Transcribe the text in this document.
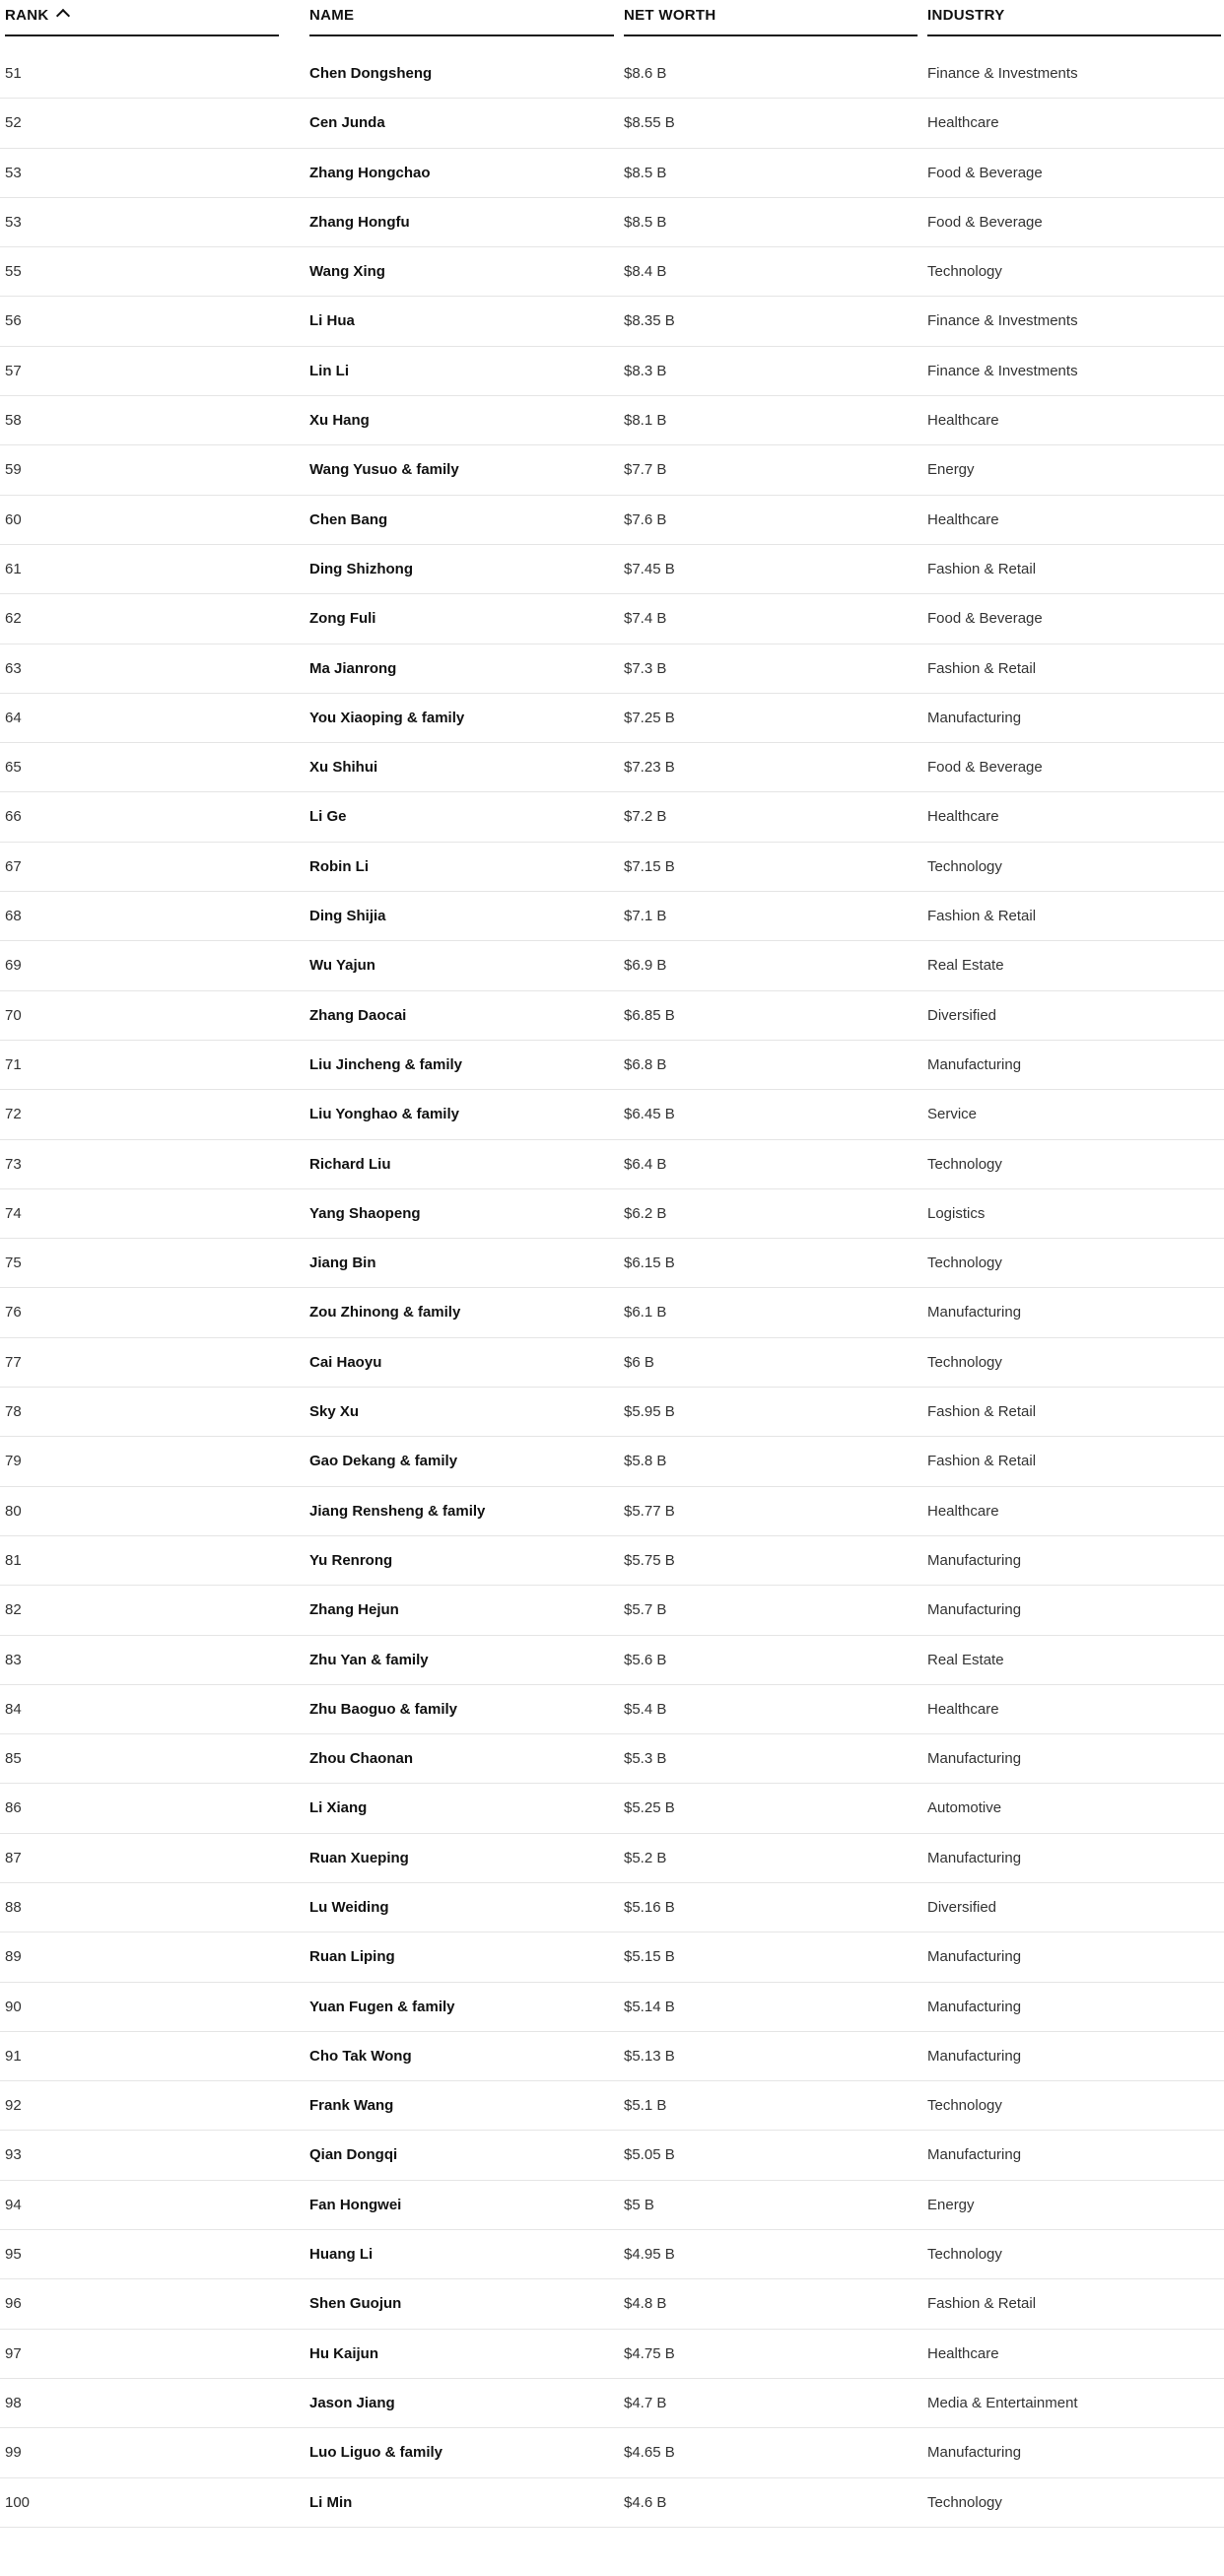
RANK	NAME	NET WORTH	INDUSTRY
51	Chen Dongsheng	$8.6 B	Finance & Investments
52	Cen Junda	$8.55 B	Healthcare
53	Zhang Hongchao	$8.5 B	Food & Beverage
53	Zhang Hongfu	$8.5 B	Food & Beverage
55	Wang Xing	$8.4 B	Technology
56	Li Hua	$8.35 B	Finance & Investments
57	Lin Li	$8.3 B	Finance & Investments
58	Xu Hang	$8.1 B	Healthcare
59	Wang Yusuo & family	$7.7 B	Energy
60	Chen Bang	$7.6 B	Healthcare
61	Ding Shizhong	$7.45 B	Fashion & Retail
62	Zong Fuli	$7.4 B	Food & Beverage
63	Ma Jianrong	$7.3 B	Fashion & Retail
64	You Xiaoping & family	$7.25 B	Manufacturing
65	Xu Shihui	$7.23 B	Food & Beverage
66	Li Ge	$7.2 B	Healthcare
67	Robin Li	$7.15 B	Technology
68	Ding Shijia	$7.1 B	Fashion & Retail
69	Wu Yajun	$6.9 B	Real Estate
70	Zhang Daocai	$6.85 B	Diversified
71	Liu Jincheng & family	$6.8 B	Manufacturing
72	Liu Yonghao & family	$6.45 B	Service
73	Richard Liu	$6.4 B	Technology
74	Yang Shaopeng	$6.2 B	Logistics
75	Jiang Bin	$6.15 B	Technology
76	Zou Zhinong & family	$6.1 B	Manufacturing
77	Cai Haoyu	$6 B	Technology
78	Sky Xu	$5.95 B	Fashion & Retail
79	Gao Dekang & family	$5.8 B	Fashion & Retail
80	Jiang Rensheng & family	$5.77 B	Healthcare
81	Yu Renrong	$5.75 B	Manufacturing
82	Zhang Hejun	$5.7 B	Manufacturing
83	Zhu Yan & family	$5.6 B	Real Estate
84	Zhu Baoguo & family	$5.4 B	Healthcare
85	Zhou Chaonan	$5.3 B	Manufacturing
86	Li Xiang	$5.25 B	Automotive
87	Ruan Xueping	$5.2 B	Manufacturing
88	Lu Weiding	$5.16 B	Diversified
89	Ruan Liping	$5.15 B	Manufacturing
90	Yuan Fugen & family	$5.14 B	Manufacturing
91	Cho Tak Wong	$5.13 B	Manufacturing
92	Frank Wang	$5.1 B	Technology
93	Qian Dongqi	$5.05 B	Manufacturing
94	Fan Hongwei	$5 B	Energy
95	Huang Li	$4.95 B	Technology
96	Shen Guojun	$4.8 B	Fashion & Retail
97	Hu Kaijun	$4.75 B	Healthcare
98	Jason Jiang	$4.7 B	Media & Entertainment
99	Luo Liguo & family	$4.65 B	Manufacturing
100	Li Min	$4.6 B	Technology
